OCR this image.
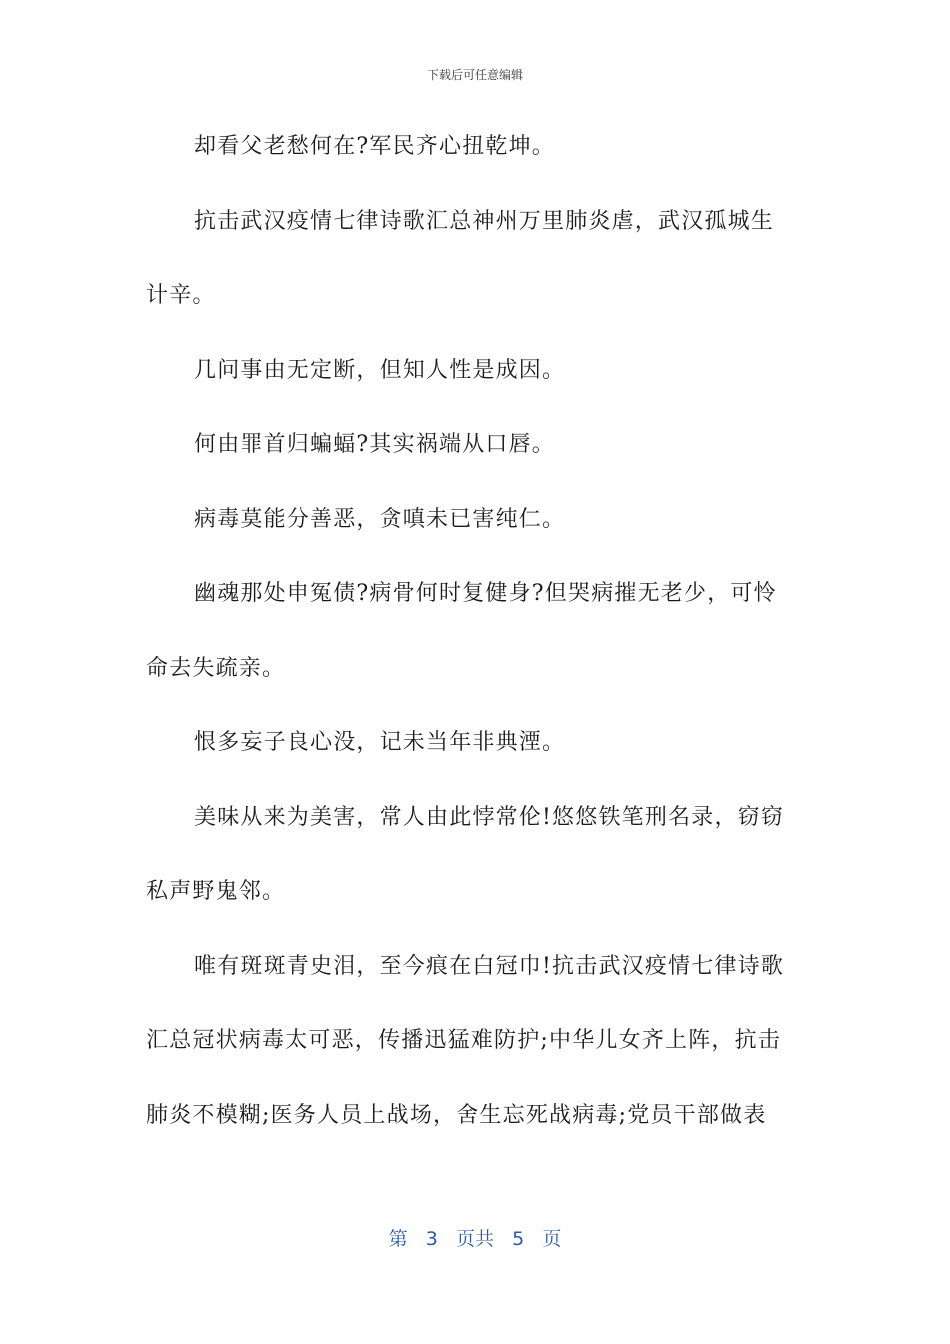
下载后可任意编辑
却看父老愁何在?军民齐心扭乾坤。
抗击武汉疫情七律诗歌汇总神州万里肺炎虐，武汉孤城生
计辛。
几问事由无定断，但知人性是成因。
何由罪首归蝙蝠?其实祸端从口唇。
病毒莫能分善恶，贪嗔未已害纯仁。
幽魂那处申冤债?病骨何时复健身?但哭病摧无老少，可怜
命去失疏亲。
恨多妄子良心没，记未当年非典湮。
美味从来为美害，常人由此悖常伦!悠悠铁笔刑名录，窃窃
私声野鬼邻。
唯有斑斑青史泪，至今痕在白冠巾!抗击武汉疫情七律诗歌
汇总冠状病毒太可恶，传播迅猛难防护;中华儿女齐上阵，抗击
肺炎不模糊;医务人员上战场，舍生忘死战病毒;党员干部做表
第 3 页共 5 页
